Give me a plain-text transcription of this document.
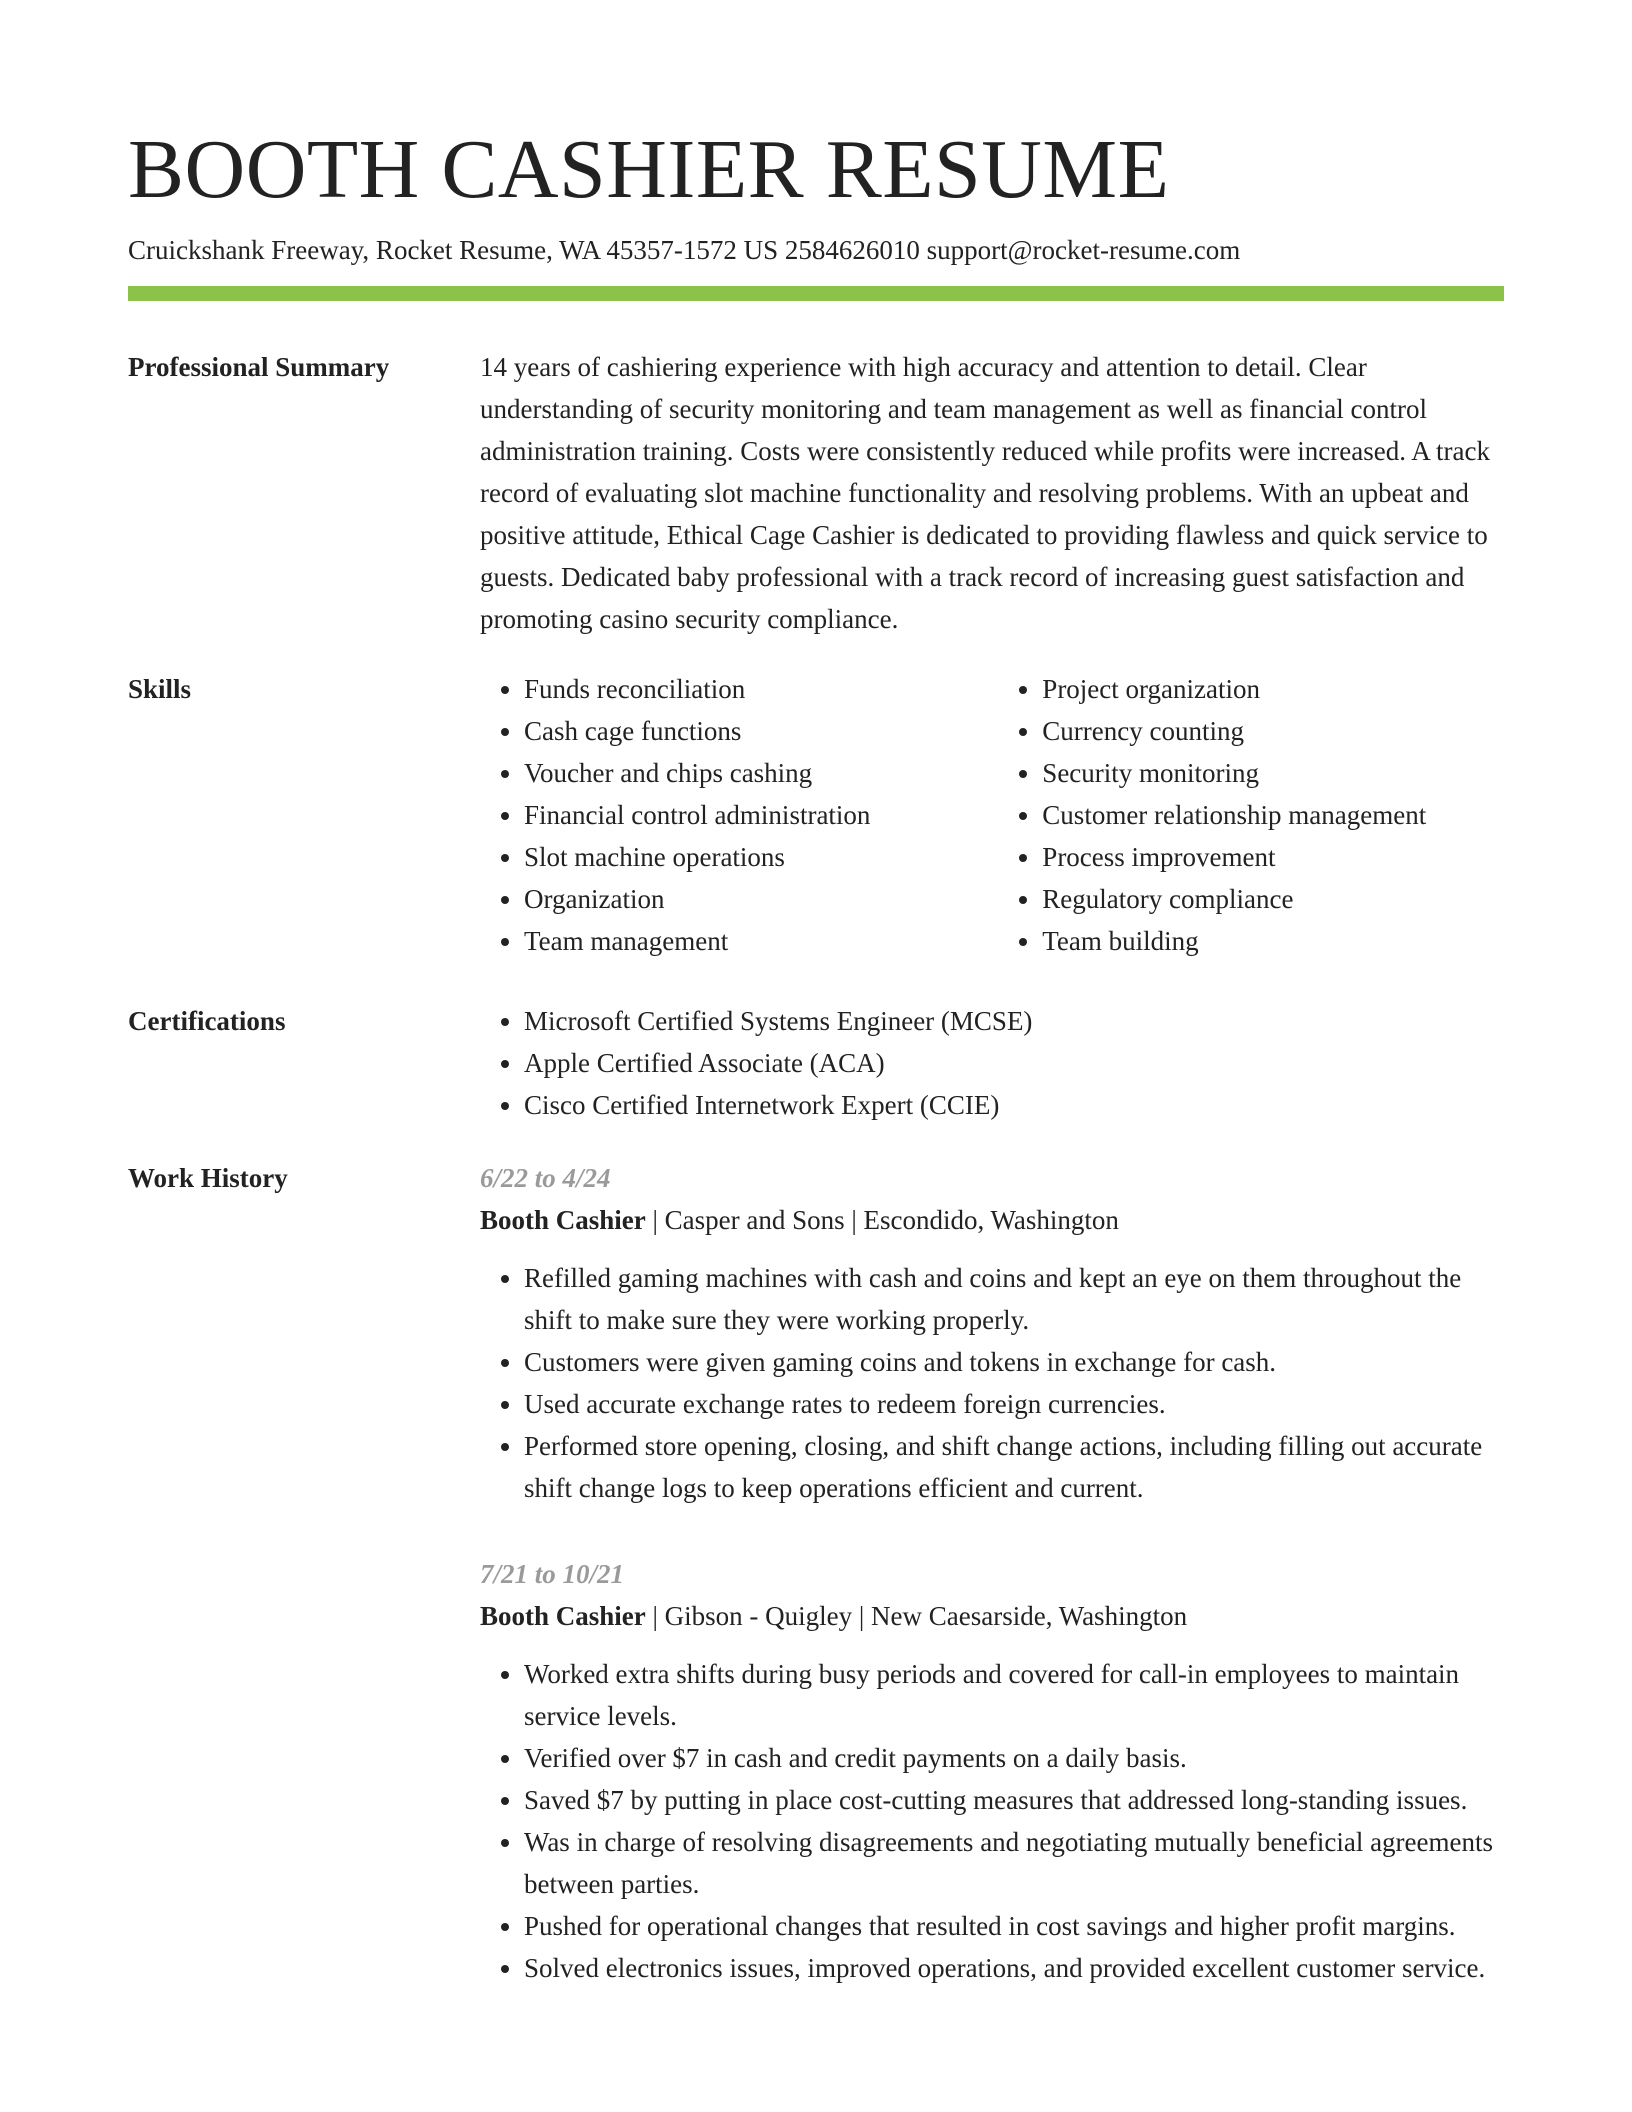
BOOTH CASHIER RESUME
Cruickshank Freeway, Rocket Resume, WA 45357-1572 US 2584626010 support@rocket-resume.com
Professional Summary	14 years of cashiering experience with high accuracy and attention to detail. Clear understanding of security monitoring and team management as well as financial control administration training. Costs were consistently reduced while profits were increased. A track record of evaluating slot machine functionality and resolving problems. With an upbeat and positive attitude, Ethical Cage Cashier is dedicated to providing flawless and quick service to guests. Dedicated baby professional with a track record of increasing guest satisfaction and promoting casino security compliance.

Skills	• Funds reconciliation
• Cash cage functions
• Voucher and chips cashing
• Financial control administration
• Slot machine operations
• Organization
• Team management
• Project organization
• Currency counting
• Security monitoring
• Customer relationship management
• Process improvement
• Regulatory compliance
• Team building
Certifications	• Microsoft Certified Systems Engineer (MCSE)
• Apple Certified Associate (ACA)
• Cisco Certified Internetwork Expert (CCIE)
Work History	6/22 to 4/24
Booth Cashier | Casper and Sons | Escondido, Washington
• Refilled gaming machines with cash and coins and kept an eye on them throughout the shift to make sure they were working properly.
• Customers were given gaming coins and tokens in exchange for cash.
• Used accurate exchange rates to redeem foreign currencies.
• Performed store opening, closing, and shift change actions, including filling out accurate shift change logs to keep operations efficient and current.
7/21 to 10/21
Booth Cashier | Gibson - Quigley | New Caesarside, Washington
• Worked extra shifts during busy periods and covered for call-in employees to maintain service levels.
• Verified over $7 in cash and credit payments on a daily basis.
• Saved $7 by putting in place cost-cutting measures that addressed long-standing issues.
• Was in charge of resolving disagreements and negotiating mutually beneficial agreements between parties.
• Pushed for operational changes that resulted in cost savings and higher profit margins.
• Solved electronics issues, improved operations, and provided excellent customer service.
